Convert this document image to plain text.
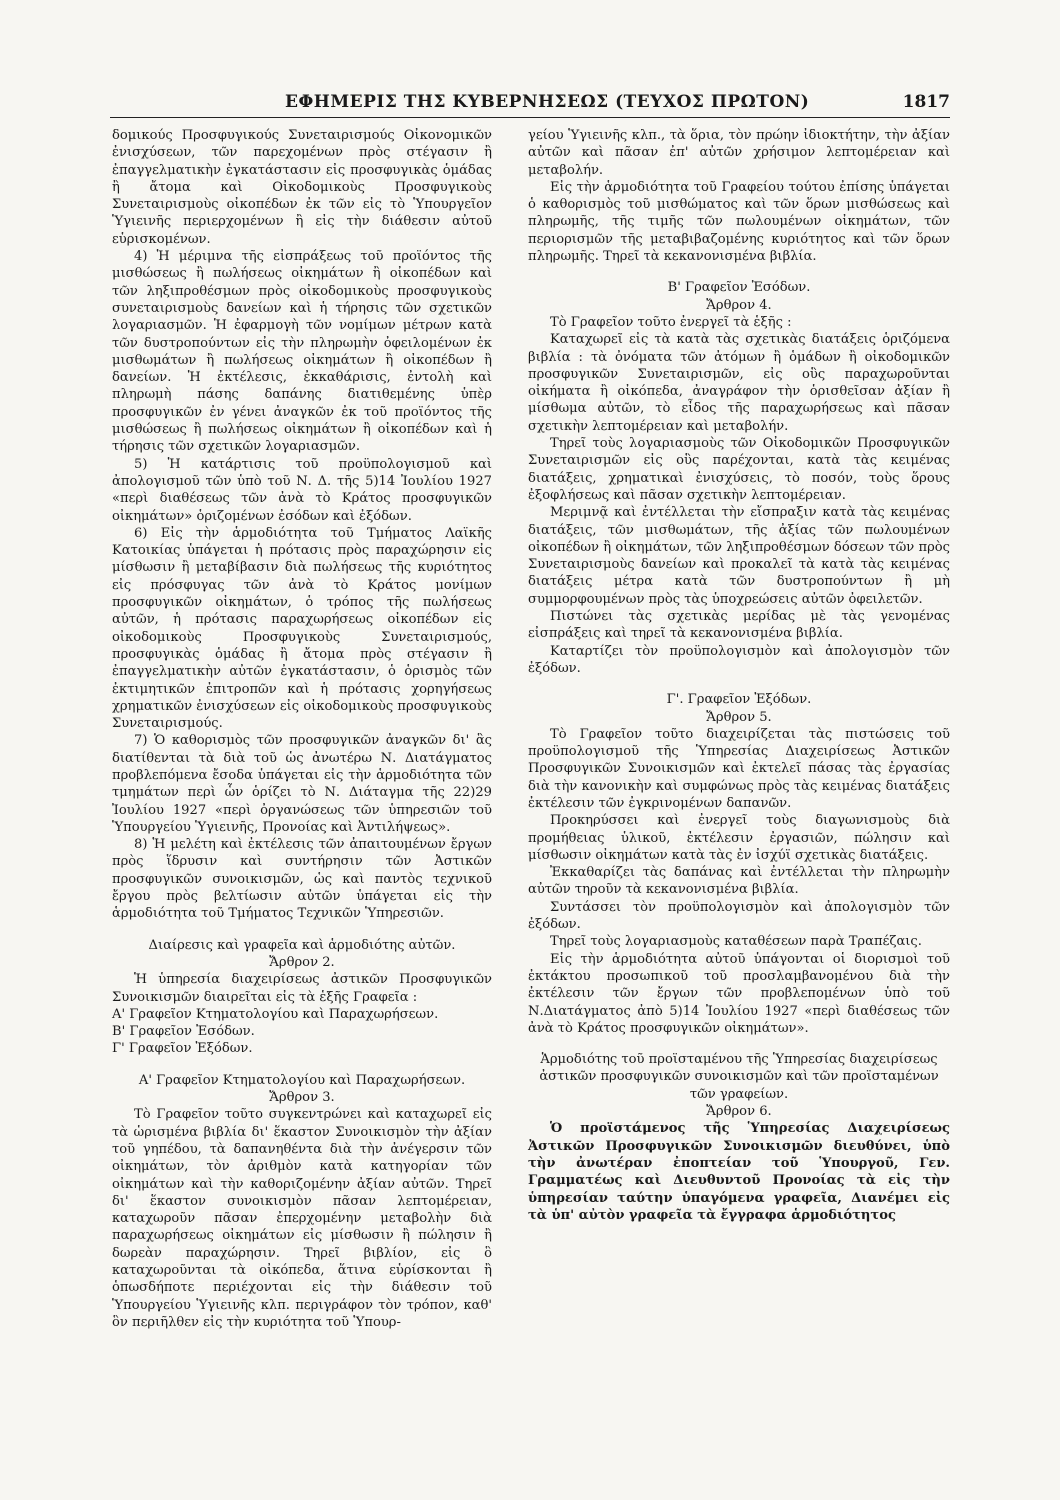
ΕΦΗΜΕΡΙΣ ΤΗΣ ΚΥΒΕΡΝΗΣΕΩΣ (ΤΕΥΧΟΣ ΠΡΩΤΟΝ)	1817

δομικούς Προσφυγικούς Συνεταιρισμούς Οἰκονομικῶν ἐνισχύσεων, τῶν παρεχομένων πρὸς στέγασιν ἢ ἐπαγγελματικὴν ἐγκατάστασιν εἰς προσφυγικὰς ὁμάδας ἢ ἄτομα καὶ Οἰκοδομικοὺς Προσφυγικοὺς Συνεταιρισμοὺς οἰκοπέδων ἐκ τῶν εἰς τὸ Ὑπουργεῖον Ὑγιεινῆς περιερχομένων ἢ εἰς τὴν διάθεσιν αὐτοῦ εὑρισκομένων.

4) Ἡ μέριμνα τῆς εἰσπράξεως τοῦ προϊόντος τῆς μισθώσεως ἢ πωλήσεως οἰκημάτων ἢ οἰκοπέδων καὶ τῶν ληξιπροθέσμων πρὸς οἰκοδομικοὺς προσφυγικοὺς συνεταιρισμοὺς δανείων καὶ ἡ τήρησις τῶν σχετικῶν λογαριασμῶν. Ἡ ἐφαρμογὴ τῶν νομίμων μέτρων κατὰ τῶν δυστροπούντων εἰς τὴν πληρωμὴν ὀφειλομένων ἐκ μισθωμάτων ἢ πωλήσεως οἰκημάτων ἢ οἰκοπέδων ἢ δανείων. Ἡ ἐκτέλεσις, ἐκκαθάρισις, ἐντολὴ καὶ πληρωμὴ πάσης δαπάνης διατιθεμένης ὑπὲρ προσφυγικῶν ἐν γένει ἀναγκῶν ἐκ τοῦ προϊόντος τῆς μισθώσεως ἢ πωλήσεως οἰκημάτων ἢ οἰκοπέδων καὶ ἡ τήρησις τῶν σχετικῶν λογαριασμῶν.

5) Ἡ κατάρτισις τοῦ προϋπολογισμοῦ καὶ ἀπολογισμοῦ τῶν ὑπὸ τοῦ Ν. Δ. τῆς 5)14 Ἰουλίου 1927 «περὶ διαθέσεως τῶν ἀνὰ τὸ Κράτος προσφυγικῶν οἰκημάτων» ὁριζομένων ἐσόδων καὶ ἐξόδων.

6) Εἰς τὴν ἁρμοδιότητα τοῦ Τμήματος Λαϊκῆς Κατοικίας ὑπάγεται ἡ πρότασις πρὸς παραχώρησιν εἰς μίσθωσιν ἢ μεταβίβασιν διὰ πωλήσεως τῆς κυριότητος εἰς πρόσφυγας τῶν ἀνὰ τὸ Κράτος μονίμων προσφυγικῶν οἰκημάτων, ὁ τρόπος τῆς πωλήσεως αὐτῶν, ἡ πρότασις παραχωρήσεως οἰκοπέδων εἰς οἰκοδομικοὺς Προσφυγικοὺς Συνεταιρισμούς, προσφυγικὰς ὁμάδας ἢ ἄτομα πρὸς στέγασιν ἢ ἐπαγγελματικὴν αὐτῶν ἐγκατάστασιν, ὁ ὁρισμὸς τῶν ἐκτιμητικῶν ἐπιτροπῶν καὶ ἡ πρότασις χορηγήσεως χρηματικῶν ἐνισχύσεων εἰς οἰκοδομικοὺς προσφυγικοὺς Συνεταιρισμούς.

7) Ὁ καθορισμὸς τῶν προσφυγικῶν ἀναγκῶν δι' ἃς διατίθενται τὰ διὰ τοῦ ὡς ἀνωτέρω Ν. Διατάγματος προβλεπόμενα ἔσοδα ὑπάγεται εἰς τὴν ἁρμοδιότητα τῶν τμημάτων περὶ ὧν ὁρίζει τὸ Ν. Διάταγμα τῆς 22)29 Ἰουλίου 1927 «περὶ ὀργανώσεως τῶν ὑπηρεσιῶν τοῦ Ὑπουργείου Ὑγιεινῆς, Προνοίας καὶ Ἀντιλήψεως».

8) Ἡ μελέτη καὶ ἐκτέλεσις τῶν ἀπαιτουμένων ἔργων πρὸς ἵδρυσιν καὶ συντήρησιν τῶν Ἀστικῶν προσφυγικῶν συνοικισμῶν, ὡς καὶ παντὸς τεχνικοῦ ἔργου πρὸς βελτίωσιν αὐτῶν ὑπάγεται εἰς τὴν ἁρμοδιότητα τοῦ Τμήματος Τεχνικῶν Ὑπηρεσιῶν.

Διαίρεσις καὶ γραφεῖα καὶ ἁρμοδιότης αὐτῶν.

Ἄρθρον 2.

Ἡ ὑπηρεσία διαχειρίσεως ἀστικῶν Προσφυγικῶν Συνοικισμῶν διαιρεῖται εἰς τὰ ἑξῆς Γραφεῖα :

Α' Γραφεῖον Κτηματολογίου καὶ Παραχωρήσεων.

Β' Γραφεῖον Ἐσόδων.

Γ' Γραφεῖον Ἐξόδων.

Α' Γραφεῖον Κτηματολογίου καὶ Παραχωρήσεων.

Ἄρθρον 3.

Τὸ Γραφεῖον τοῦτο συγκεντρώνει καὶ καταχωρεῖ εἰς τὰ ὡρισμένα βιβλία δι' ἕκαστον Συνοικισμὸν τὴν ἀξίαν τοῦ γηπέδου, τὰ δαπανηθέντα διὰ τὴν ἀνέγερσιν τῶν οἰκημάτων, τὸν ἀριθμὸν κατὰ κατηγορίαν τῶν οἰκημάτων καὶ τὴν καθοριζομένην ἀξίαν αὐτῶν. Τηρεῖ δι' ἕκαστον συνοικισμὸν πᾶσαν λεπτομέρειαν, καταχωροῦν πᾶσαν ἐπερχομένην μεταβολὴν διὰ παραχωρήσεως οἰκημάτων εἰς μίσθωσιν ἢ πώλησιν ἢ δωρεὰν παραχώρησιν. Τηρεῖ βιβλίον, εἰς ὃ καταχωροῦνται τὰ οἰκόπεδα, ἅτινα εὑρίσκονται ἢ ὁπωσδήποτε περιέχονται εἰς τὴν διάθεσιν τοῦ Ὑπουργείου Ὑγιεινῆς κλπ. περιγράφον τὸν τρόπον, καθ' ὃν περιῆλθεν εἰς τὴν κυριότητα τοῦ Ὑπουρ-

γείου Ὑγιεινῆς κλπ., τὰ ὅρια, τὸν πρώην ἰδιοκτήτην, τὴν ἀξίαν αὐτῶν καὶ πᾶσαν ἐπ' αὐτῶν χρήσιμον λεπτομέρειαν καὶ μεταβολήν.

Εἰς τὴν ἁρμοδιότητα τοῦ Γραφείου τούτου ἐπίσης ὑπάγεται ὁ καθορισμὸς τοῦ μισθώματος καὶ τῶν ὅρων μισθώσεως καὶ πληρωμῆς, τῆς τιμῆς τῶν πωλουμένων οἰκημάτων, τῶν περιορισμῶν τῆς μεταβιβαζομένης κυριότητος καὶ τῶν ὅρων πληρωμῆς. Τηρεῖ τὰ κεκανονισμένα βιβλία.

Β' Γραφεῖον Ἐσόδων.

Ἄρθρον 4.

Τὸ Γραφεῖον τοῦτο ἐνεργεῖ τὰ ἑξῆς :

Καταχωρεῖ εἰς τὰ κατὰ τὰς σχετικὰς διατάξεις ὁριζόμενα βιβλία : τὰ ὀνόματα τῶν ἀτόμων ἢ ὁμάδων ἢ οἰκοδομικῶν προσφυγικῶν Συνεταιρισμῶν, εἰς οὓς παραχωροῦνται οἰκήματα ἢ οἰκόπεδα, ἀναγράφον τὴν ὁρισθεῖσαν ἀξίαν ἢ μίσθωμα αὐτῶν, τὸ εἶδος τῆς παραχωρήσεως καὶ πᾶσαν σχετικὴν λεπτομέρειαν καὶ μεταβολήν.

Τηρεῖ τοὺς λογαριασμοὺς τῶν Οἰκοδομικῶν Προσφυγικῶν Συνεταιρισμῶν εἰς οὓς παρέχονται, κατὰ τὰς κειμένας διατάξεις, χρηματικαὶ ἐνισχύσεις, τὸ ποσόν, τοὺς ὅρους ἐξοφλήσεως καὶ πᾶσαν σχετικὴν λεπτομέρειαν.

Μεριμνᾷ καὶ ἐντέλλεται τὴν εἴσπραξιν κατὰ τὰς κειμένας διατάξεις, τῶν μισθωμάτων, τῆς ἀξίας τῶν πωλουμένων οἰκοπέδων ἢ οἰκημάτων, τῶν ληξιπροθέσμων δόσεων τῶν πρὸς Συνεταιρισμοὺς δανείων καὶ προκαλεῖ τὰ κατὰ τὰς κειμένας διατάξεις μέτρα κατὰ τῶν δυστροπούντων ἢ μὴ συμμορφουμένων πρὸς τὰς ὑποχρεώσεις αὐτῶν ὀφειλετῶν.

Πιστώνει τὰς σχετικὰς μερίδας μὲ τὰς γενομένας εἰσπράξεις καὶ τηρεῖ τὰ κεκανονισμένα βιβλία.

Καταρτίζει τὸν προϋπολογισμὸν καὶ ἀπολογισμὸν τῶν ἐξόδων.

Γ'. Γραφεῖον Ἐξόδων.

Ἄρθρον 5.

Τὸ Γραφεῖον τοῦτο διαχειρίζεται τὰς πιστώσεις τοῦ προϋπολογισμοῦ τῆς Ὑπηρεσίας Διαχειρίσεως Ἀστικῶν Προσφυγικῶν Συνοικισμῶν καὶ ἐκτελεῖ πάσας τὰς ἐργασίας διὰ τὴν κανονικὴν καὶ συμφώνως πρὸς τὰς κειμένας διατάξεις ἐκτέλεσιν τῶν ἐγκρινομένων δαπανῶν.

Προκηρύσσει καὶ ἐνεργεῖ τοὺς διαγωνισμοὺς διὰ προμήθειας ὑλικοῦ, ἐκτέλεσιν ἐργασιῶν, πώλησιν καὶ μίσθωσιν οἰκημάτων κατὰ τὰς ἐν ἰσχύϊ σχετικὰς διατάξεις.

Ἐκκαθαρίζει τὰς δαπάνας καὶ ἐντέλλεται τὴν πληρωμὴν αὐτῶν τηροῦν τὰ κεκανονισμένα βιβλία.

Συντάσσει τὸν προϋπολογισμὸν καὶ ἀπολογισμὸν τῶν ἐξόδων.

Τηρεῖ τοὺς λογαριασμοὺς καταθέσεων παρὰ Τραπέζαις.

Εἰς τὴν ἁρμοδιότητα αὐτοῦ ὑπάγονται οἱ διορισμοὶ τοῦ ἐκτάκτου προσωπικοῦ τοῦ προσλαμβανομένου διὰ τὴν ἐκτέλεσιν τῶν ἔργων τῶν προβλεπομένων ὑπὸ τοῦ Ν.Διατάγματος ἀπὸ 5)14 Ἰουλίου 1927 «περὶ διαθέσεως τῶν ἀνὰ τὸ Κράτος προσφυγικῶν οἰκημάτων».

Ἁρμοδιότης τοῦ προϊσταμένου τῆς Ὑπηρεσίας διαχειρίσεως ἀστικῶν προσφυγικῶν συνοικισμῶν καὶ τῶν προϊσταμένων τῶν γραφείων.

Ἄρθρον 6.

Ὁ προϊστάμενος τῆς Ὑπηρεσίας Διαχειρίσεως Ἀστικῶν Προσφυγικῶν Συνοικισμῶν διευθύνει, ὑπὸ τὴν ἀνωτέραν ἐποπτείαν τοῦ Ὑπουργοῦ, Γεν. Γραμματέως καὶ Διευθυντοῦ Προνοίας τὰ εἰς τὴν ὑπηρεσίαν ταύτην ὑπαγόμενα γραφεῖα, Διανέμει εἰς τὰ ὑπ' αὐτὸν γραφεῖα τὰ ἔγγραφα ἁρμοδιότητος
